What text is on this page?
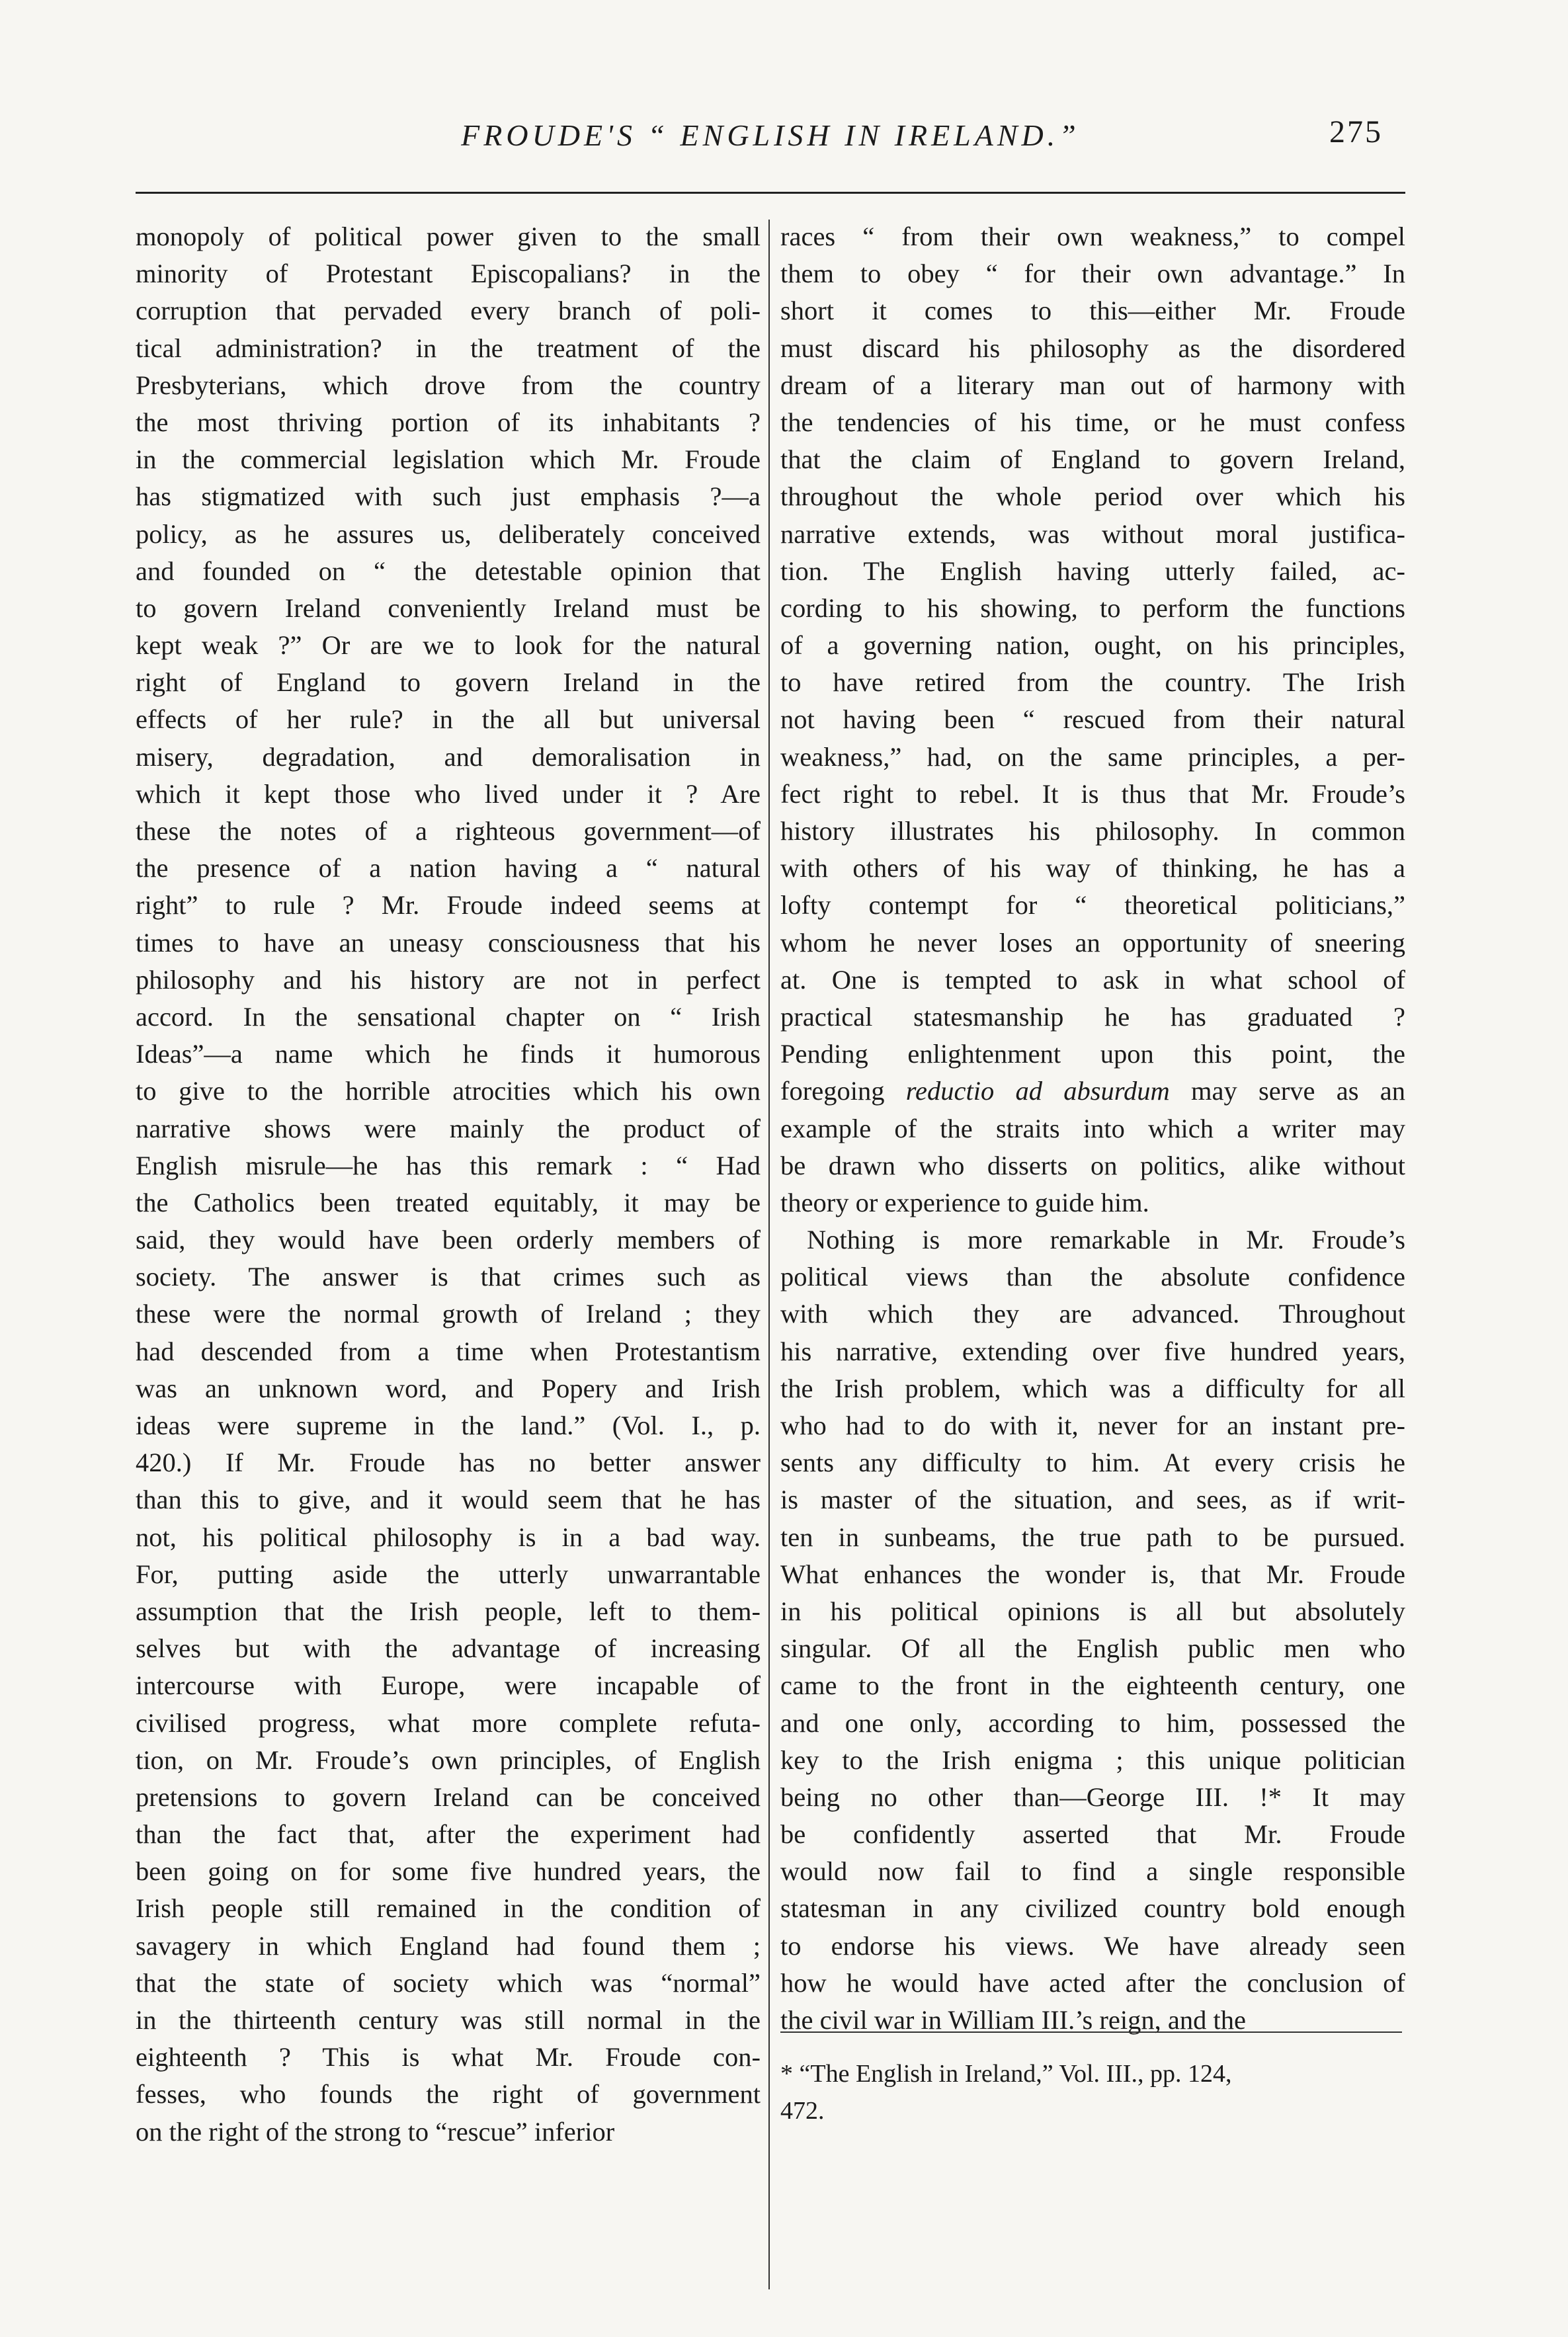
FROUDE'S “ ENGLISH IN IRELAND.”	275
monopoly of political power given to the small
minority of Protestant Episcopalians? in the
corruption that pervaded every branch of poli-
tical administration? in the treatment of the
Presbyterians, which drove from the country
the most thriving portion of its inhabitants ?
in the commercial legislation which Mr. Froude
has stigmatized with such just emphasis ?—a
policy, as he assures us, deliberately conceived
and founded on “ the detestable opinion that
to govern Ireland conveniently Ireland must be
kept weak ?” Or are we to look for the natural
right of England to govern Ireland in the
effects of her rule? in the all but universal
misery, degradation, and demoralisation in
which it kept those who lived under it ? Are
these the notes of a righteous government—of
the presence of a nation having a “ natural
right” to rule ? Mr. Froude indeed seems at
times to have an uneasy consciousness that his
philosophy and his history are not in perfect
accord. In the sensational chapter on “ Irish
Ideas”—a name which he finds it humorous
to give to the horrible atrocities which his own
narrative shows were mainly the product of
English misrule—he has this remark : “ Had
the Catholics been treated equitably, it may be
said, they would have been orderly members of
society. The answer is that crimes such as
these were the normal growth of Ireland ; they
had descended from a time when Protestantism
was an unknown word, and Popery and Irish
ideas were supreme in the land.” (Vol. I., p.
420.) If Mr. Froude has no better answer
than this to give, and it would seem that he has
not, his political philosophy is in a bad way.
For, putting aside the utterly unwarrantable
assumption that the Irish people, left to them-
selves but with the advantage of increasing
intercourse with Europe, were incapable of
civilised progress, what more complete refuta-
tion, on Mr. Froude’s own principles, of English
pretensions to govern Ireland can be conceived
than the fact that, after the experiment had
been going on for some five hundred years, the
Irish people still remained in the condition of
savagery in which England had found them ;
that the state of society which was “normal”
in the thirteenth century was still normal in the
eighteenth ? This is what Mr. Froude con-
fesses, who founds the right of government
on the right of the strong to “rescue” inferior
races “ from their own weakness,” to compel
them to obey “ for their own advantage.” In
short it comes to this—either Mr. Froude
must discard his philosophy as the disordered
dream of a literary man out of harmony with
the tendencies of his time, or he must confess
that the claim of England to govern Ireland,
throughout the whole period over which his
narrative extends, was without moral justifica-
tion. The English having utterly failed, ac-
cording to his showing, to perform the functions
of a governing nation, ought, on his principles,
to have retired from the country. The Irish
not having been “ rescued from their natural
weakness,” had, on the same principles, a per-
fect right to rebel. It is thus that Mr. Froude’s
history illustrates his philosophy. In common
with others of his way of thinking, he has a
lofty contempt for “ theoretical politicians,”
whom he never loses an opportunity of sneering
at. One is tempted to ask in what school of
practical statesmanship he has graduated ?
Pending enlightenment upon this point, the
foregoing reductio ad absurdum may serve as an
example of the straits into which a writer may
be drawn who disserts on politics, alike without
theory or experience to guide him.
Nothing is more remarkable in Mr. Froude’s
political views than the absolute confidence
with which they are advanced. Throughout
his narrative, extending over five hundred years,
the Irish problem, which was a difficulty for all
who had to do with it, never for an instant pre-
sents any difficulty to him. At every crisis he
is master of the situation, and sees, as if writ-
ten in sunbeams, the true path to be pursued.
What enhances the wonder is, that Mr. Froude
in his political opinions is all but absolutely
singular. Of all the English public men who
came to the front in the eighteenth century, one
and one only, according to him, possessed the
key to the Irish enigma ; this unique politician
being no other than—George III. !* It may
be confidently asserted that Mr. Froude
would now fail to find a single responsible
statesman in any civilized country bold enough
to endorse his views. We have already seen
how he would have acted after the conclusion of
the civil war in William III.’s reign, and the
* “The English in Ireland,” Vol. III., pp. 124,
472.
